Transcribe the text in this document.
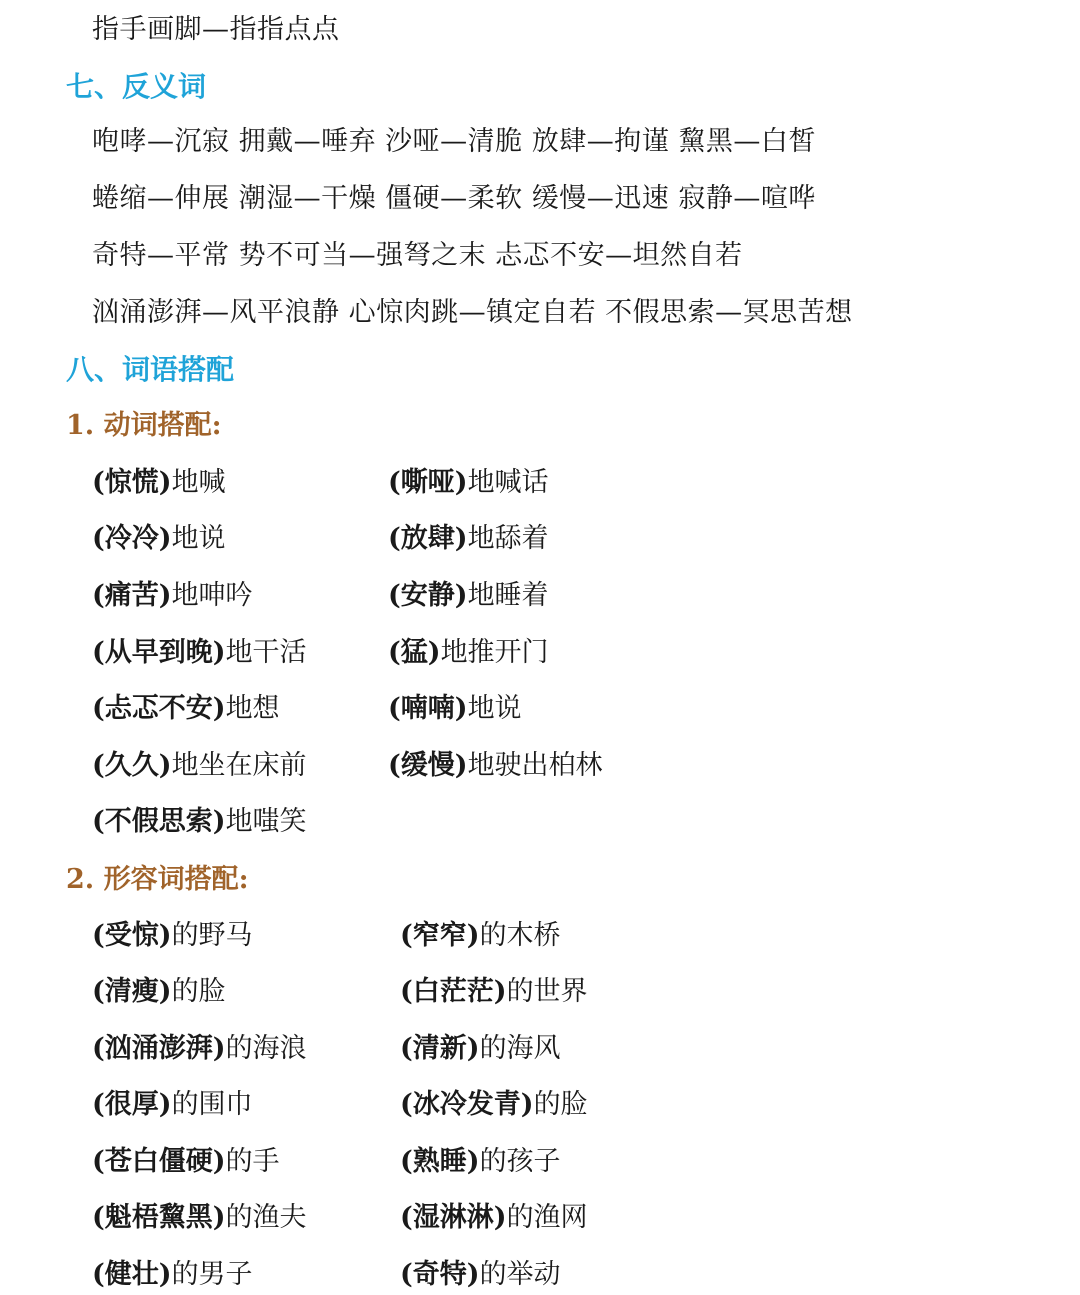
指手画脚—指指点点
七、反义词
咆哮—沉寂 拥戴—唾弃 沙哑—清脆 放肆—拘谨 黧黑—白皙
蜷缩—伸展 潮湿—干燥 僵硬—柔软 缓慢—迅速 寂静—喧哗
奇特—平常 势不可当—强弩之末 忐忑不安—坦然自若
汹涌澎湃—风平浪静 心惊肉跳—镇定自若 不假思索—冥思苦想
八、词语搭配
1. 动词搭配:
(惊慌)地喊
(冷冷)地说
(痛苦)地呻吟
(从早到晚)地干活
(忐忑不安)地想
(久久)地坐在床前
(不假思索)地嗤笑
(嘶哑)地喊话
(放肆)地舔着
(安静)地睡着
(猛)地推开门
(喃喃)地说
(缓慢)地驶出柏林
2. 形容词搭配:
(受惊)的野马
(清瘦)的脸
(汹涌澎湃)的海浪
(很厚)的围巾
(苍白僵硬)的手
(魁梧黧黑)的渔夫
(健壮)的男子
(窄窄)的木桥
(白茫茫)的世界
(清新)的海风
(冰冷发青)的脸
(熟睡)的孩子
(湿淋淋)的渔网
(奇特)的举动
